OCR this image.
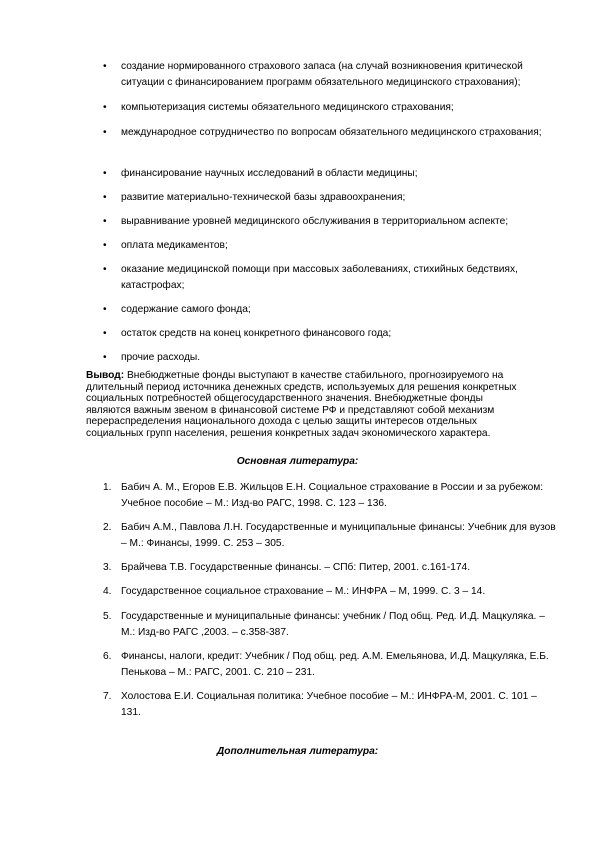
• создание нормированного страхового запаса (на случай возникновения критической ситуации с финансированием программ обязательного медицинского страхования);
• компьютеризация системы обязательного медицинского страхования;
• международное сотрудничество по вопросам обязательного медицинского страхования;
• финансирование научных исследований в области медицины;
• развитие материально-технической базы здравоохранения;
• выравнивание уровней медицинского обслуживания в территориальном аспекте;
• оплата медикаментов;
• оказание медицинской помощи при массовых заболеваниях, стихийных бедствиях, катастрофах;
• содержание самого фонда;
• остаток средств на конец конкретного финансового года;
• прочие расходы.

Вывод: Внебюджетные фонды выступают в качестве стабильного, прогнозируемого на длительный период источника денежных средств, используемых для решения конкретных социальных потребностей общегосударственного значения. Внебюджетные фонды являются важным звеном в финансовой системе РФ и представляют собой механизм перераспределения национального дохода с целью защиты интересов отдельных социальных групп населения, решения конкретных задач экономического характера.

Основная литература:
1. Бабич А. М., Егоров Е.В. Жильцов Е.Н. Социальное страхование в России и за рубежом: Учебное пособие – М.: Изд-во РАГС, 1998. С. 123 – 136.
2. Бабич А.М., Павлова Л.Н. Государственные и муниципальные финансы: Учебник для вузов – М.: Финансы, 1999. С. 253 – 305.
3. Брайчева Т.В. Государственные финансы. – СПб: Питер, 2001. с.161-174.
4. Государственное социальное страхование – М.: ИНФРА – М, 1999. С. 3 – 14.
5. Государственные и муниципальные финансы: учебник / Под общ. Ред. И.Д. Мацкуляка. – М.: Изд-во РАГС ,2003. – с.358-387.
6. Финансы, налоги, кредит: Учебник / Под общ. ред. А.М. Емельянова, И.Д. Мацкуляка, Е.Б. Пенькова – М.: РАГС, 2001. С. 210 – 231.
7. Холостова Е.И. Социальная политика: Учебное пособие – М.: ИНФРА-М, 2001. С. 101 – 131.
Дополнительная литература:
